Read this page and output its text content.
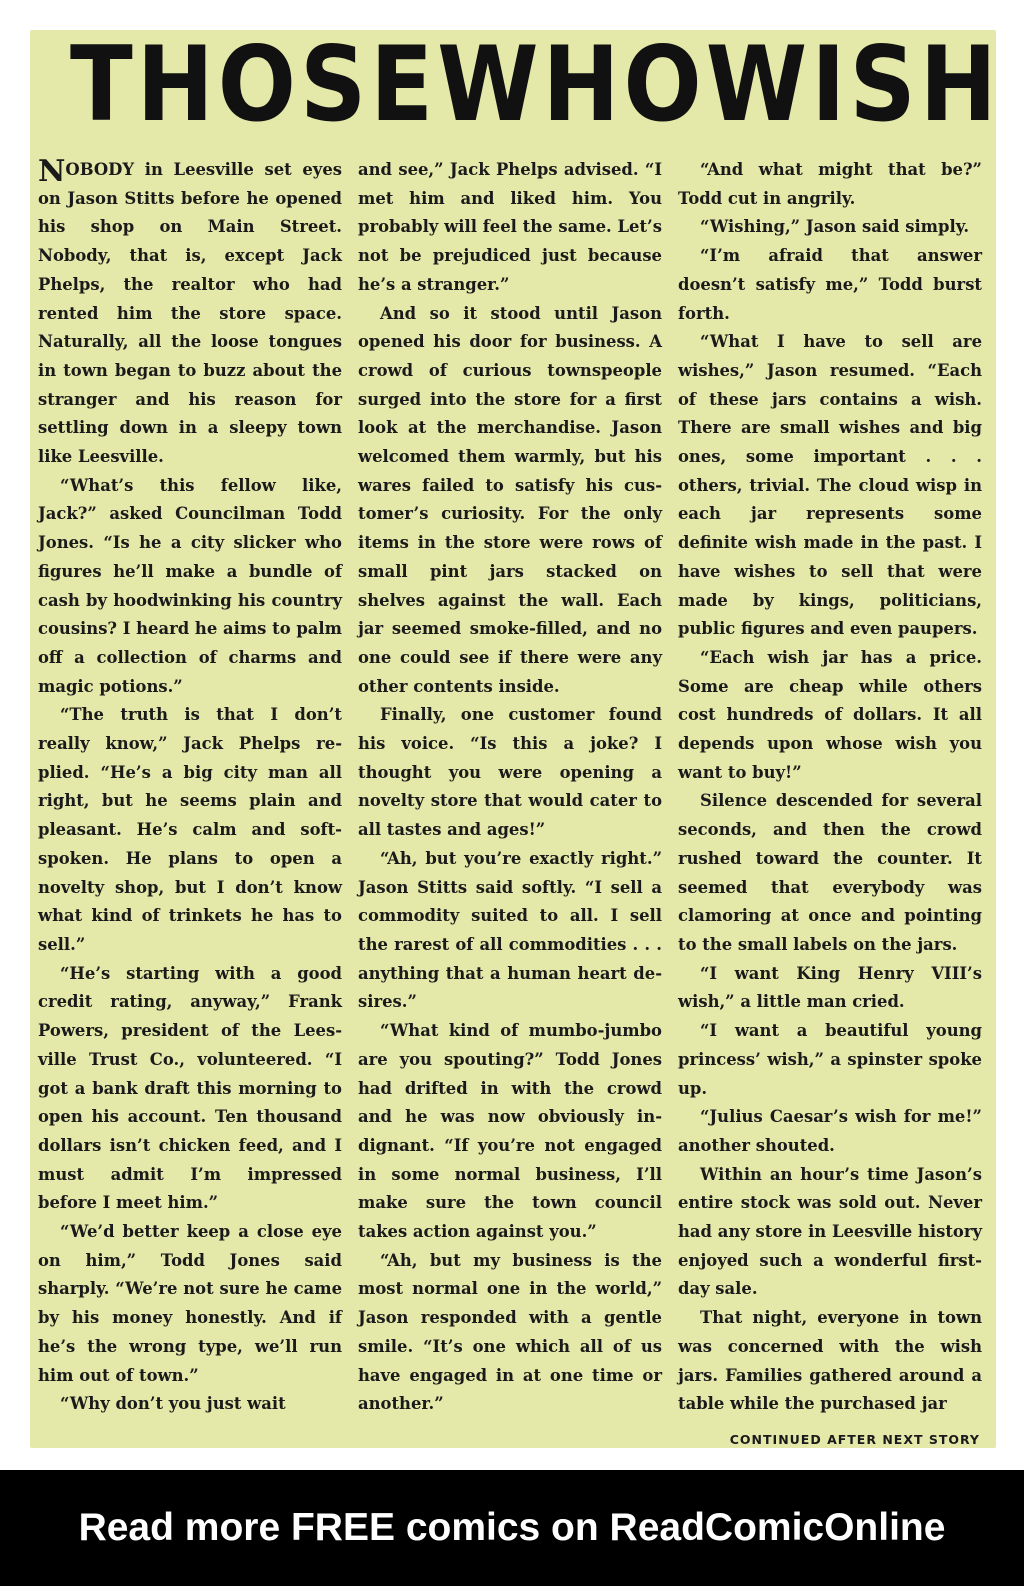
THOSE WHO WISH

NOBODY in Leesville set eyes on Jason Stitts before he opened his shop on Main Street. Nobody, that is, except Jack Phelps, the realtor who had rented him the store space. Naturally, all the loose tongues in town began to buzz about the stranger and his reason for settling down in a sleepy town like Leesville.

“What’s this fellow like, Jack?” asked Councilman Todd Jones. “Is he a city slicker who figures he’ll make a bundle of cash by hoodwinking his country cousins? I heard he aims to palm off a collection of charms and magic potions.”

“The truth is that I don’t really know,” Jack Phelps replied. “He’s a big city man all right, but he seems plain and pleasant. He’s calm and soft-spoken. He plans to open a novelty shop, but I don’t know what kind of trinkets he has to sell.”

“He’s starting with a good credit rating, anyway,” Frank Powers, president of the Leesville Trust Co., volunteered. “I got a bank draft this morning to open his account. Ten thousand dollars isn’t chicken feed, and I must admit I’m impressed before I meet him.”

“We’d better keep a close eye on him,” Todd Jones said sharply. “We’re not sure he came by his money honestly. And if he’s the wrong type, we’ll run him out of town.”

“Why don’t you just wait

and see,” Jack Phelps advised. “I met him and liked him. You probably will feel the same. Let’s not be prejudiced just because he’s a stranger.”

And so it stood until Jason opened his door for business. A crowd of curious townspeople surged into the store for a first look at the merchandise. Jason welcomed them warmly, but his wares failed to satisfy his customer’s curiosity. For the only items in the store were rows of small pint jars stacked on shelves against the wall. Each jar seemed smoke-filled, and no one could see if there were any other contents inside.

Finally, one customer found his voice. “Is this a joke? I thought you were opening a novelty store that would cater to all tastes and ages!”

“Ah, but you’re exactly right.” Jason Stitts said softly. “I sell a commodity suited to all. I sell the rarest of all commodities . . . anything that a human heart desires.”

“What kind of mumbo-jumbo are you spouting?” Todd Jones had drifted in with the crowd and he was now obviously indignant. “If you’re not engaged in some normal business, I’ll make sure the town council takes action against you.”

“Ah, but my business is the most normal one in the world,” Jason responded with a gentle smile. “It’s one which all of us have engaged in at one time or another.”

“And what might that be?” Todd cut in angrily.

“Wishing,” Jason said simply.

“I’m afraid that answer doesn’t satisfy me,” Todd burst forth.

“What I have to sell are wishes,” Jason resumed. “Each of these jars contains a wish. There are small wishes and big ones, some important . . . others, trivial. The cloud wisp in each jar represents some definite wish made in the past. I have wishes to sell that were made by kings, politicians, public figures and even paupers.

“Each wish jar has a price. Some are cheap while others cost hundreds of dollars. It all depends upon whose wish you want to buy!”

Silence descended for several seconds, and then the crowd rushed toward the counter. It seemed that everybody was clamoring at once and pointing to the small labels on the jars.

“I want King Henry VIII’s wish,” a little man cried.

“I want a beautiful young princess’ wish,” a spinster spoke up.

“Julius Caesar’s wish for me!” another shouted.

Within an hour’s time Jason’s entire stock was sold out. Never had any store in Leesville history enjoyed such a wonderful first-day sale.

That night, everyone in town was concerned with the wish jars. Families gathered around a table while the purchased jar

CONTINUED AFTER NEXT STORY
Read more FREE comics on ReadComicOnline
